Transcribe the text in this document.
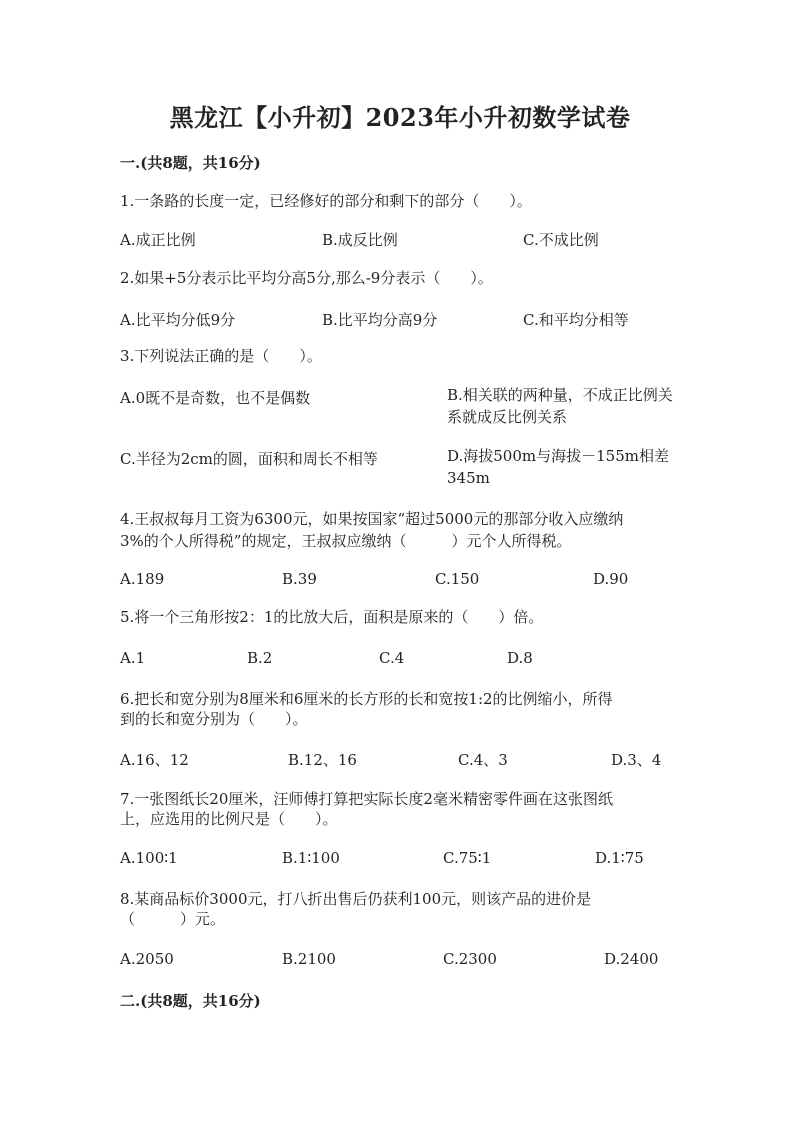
黑龙江【小升初】2023年小升初数学试卷
一.(共8题，共16分)
1.一条路的长度一定，已经修好的部分和剩下的部分（　　）。
A.成正比例	B.成反比例	C.不成比例
2.如果+5分表示比平均分高5分,那么-9分表示（　　）。
A.比平均分低9分	B.比平均分高9分	C.和平均分相等
3.下列说法正确的是（　　）。
A.0既不是奇数，也不是偶数	B.相关联的两种量，不成正比例关系就成反比例关系
C.半径为2cm的圆，面积和周长不相等	D.海拔500m与海拔－155m相差345m
4.王叔叔每月工资为6300元，如果按国家“超过5000元的那部分收入应缴纳
3%的个人所得税”的规定，王叔叔应缴纳（　　　）元个人所得税。
A.189	B.39	C.150	D.90
5.将一个三角形按2：1的比放大后，面积是原来的（　　）倍。
A.1	B.2	C.4	D.8
6.把长和宽分别为8厘米和6厘米的长方形的长和宽按1:2的比例缩小，所得
到的长和宽分别为（　　）。
A.16、12	B.12、16	C.4、3	D.3、4
7.一张图纸长20厘米，汪师傅打算把实际长度2毫米精密零件画在这张图纸
上，应选用的比例尺是（　　）。
A.100∶1	B.1∶100	C.75∶1	D.1∶75
8.某商品标价3000元，打八折出售后仍获利100元，则该产品的进价是
（　　　）元。
A.2050	B.2100	C.2300	D.2400
二.(共8题，共16分)
